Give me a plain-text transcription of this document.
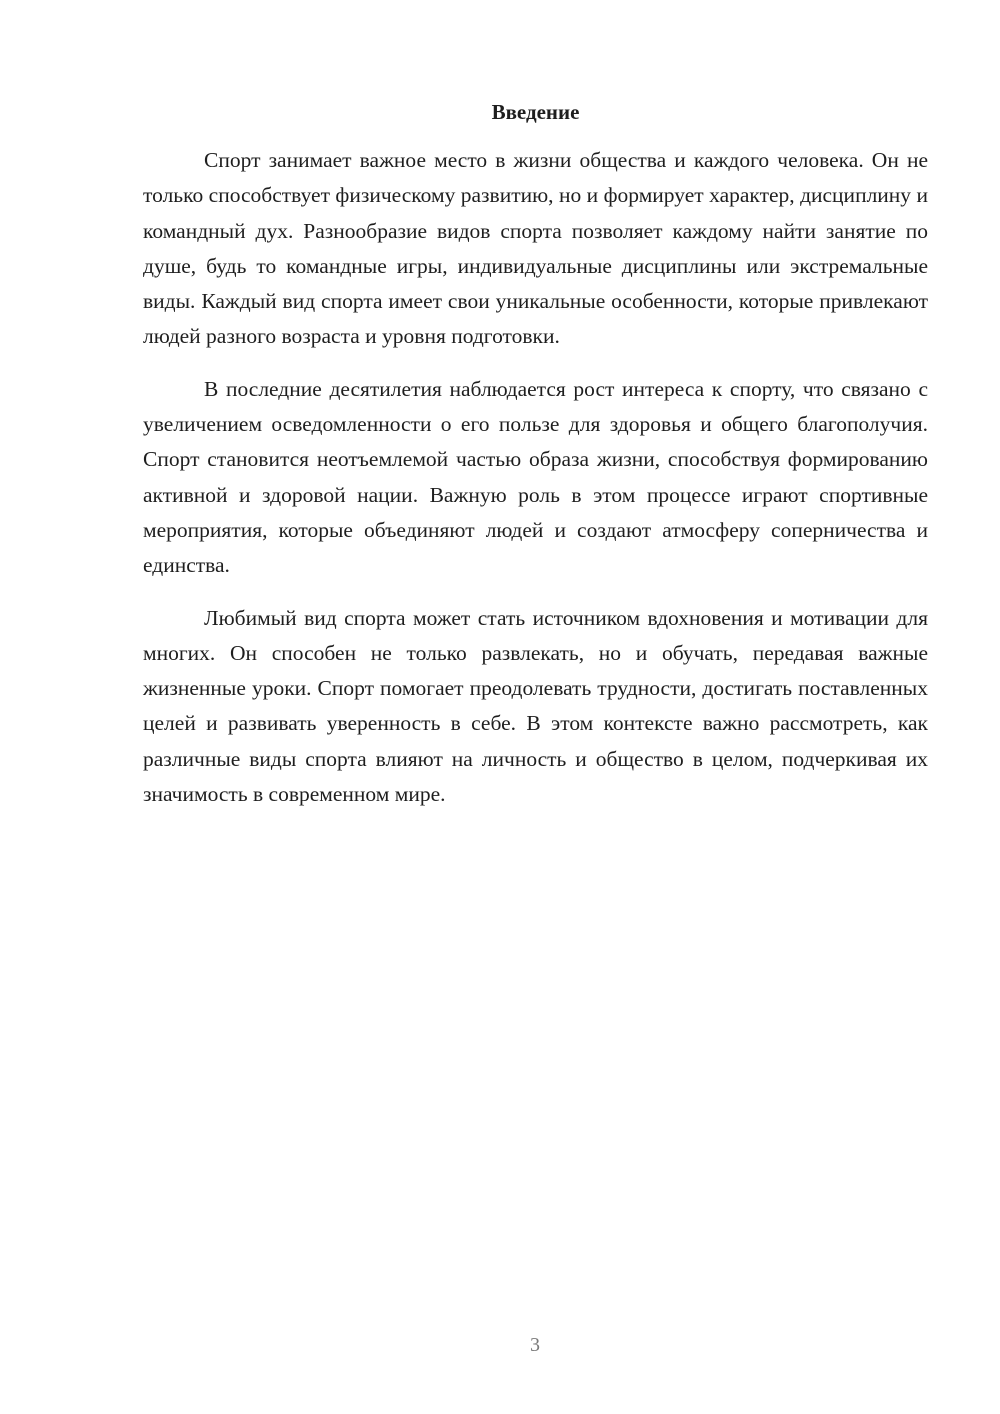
Введение

Спорт занимает важное место в жизни общества и каждого человека. Он не только способствует физическому развитию, но и формирует характер, дисциплину и командный дух. Разнообразие видов спорта позволяет каждому найти занятие по душе, будь то командные игры, индивидуальные дисциплины или экстремальные виды. Каждый вид спорта имеет свои уникальные особенности, которые привлекают людей разного возраста и уровня подготовки.

В последние десятилетия наблюдается рост интереса к спорту, что связано с увеличением осведомленности о его пользе для здоровья и общего благополучия. Спорт становится неотъемлемой частью образа жизни, способствуя формированию активной и здоровой нации. Важную роль в этом процессе играют спортивные мероприятия, которые объединяют людей и создают атмосферу соперничества и единства.

Любимый вид спорта может стать источником вдохновения и мотивации для многих. Он способен не только развлекать, но и обучать, передавая важные жизненные уроки. Спорт помогает преодолевать трудности, достигать поставленных целей и развивать уверенность в себе. В этом контексте важно рассмотреть, как различные виды спорта влияют на личность и общество в целом, подчеркивая их значимость в современном мире.

3
